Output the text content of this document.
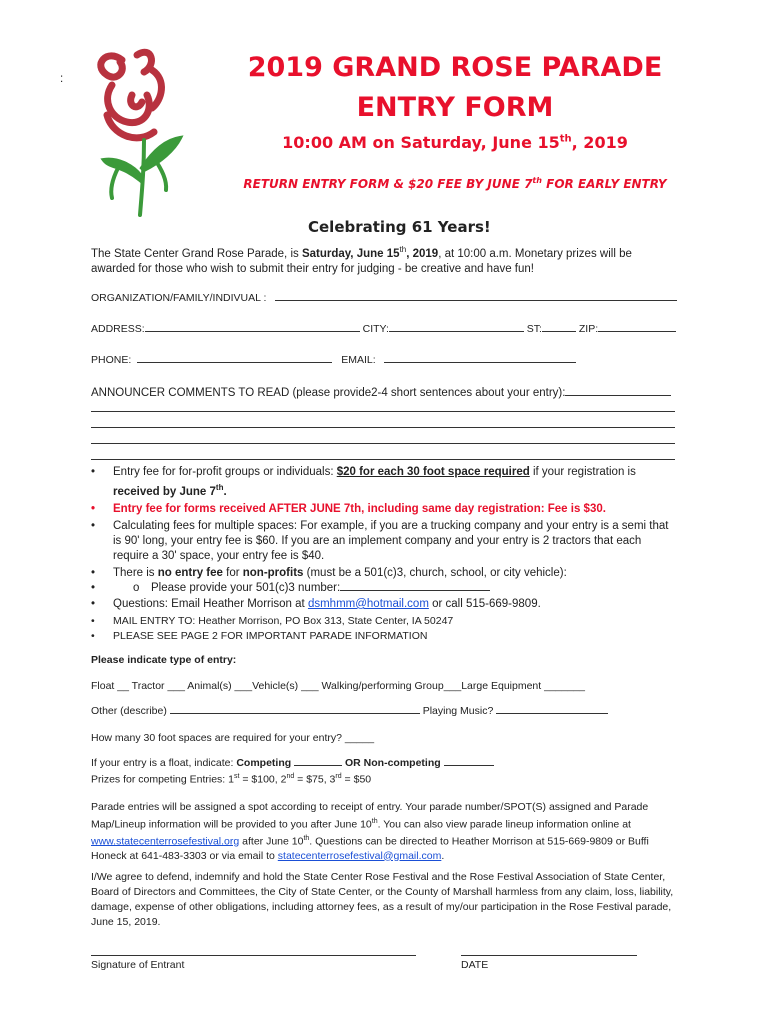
:	2019 GRAND ROSE PARADE
ENTRY FORM
10:00 AM on Saturday, June 15th, 2019
RETURN ENTRY FORM & $20 FEE BY JUNE 7th FOR EARLY ENTRY
Celebrating 61 Years!
The State Center Grand Rose Parade, is Saturday, June 15th, 2019, at 10:00 a.m. Monetary prizes will be awarded for those who wish to submit their entry for judging - be creative and have fun!
ORGANIZATION/FAMILY/INDIVUAL :
ADDRESS:	CITY:	ST:	ZIP:
PHONE:	EMAIL:
ANNOUNCER COMMENTS TO READ (please provide2-4 short sentences about your entry):
• Entry fee for for-profit groups or individuals: $20 for each 30 foot space required if your registration is received by June 7th.
• Entry fee for forms received AFTER JUNE 7th, including same day registration: Fee is $30.
• Calculating fees for multiple spaces: For example, if you are a trucking company and your entry is a semi that is 90' long, your entry fee is $60. If you are an implement company and your entry is 2 tractors that each require a 30' space, your entry fee is $40.
• There is no entry fee for non-profits (must be a 501(c)3, church, school, or city vehicle):
• o Please provide your 501(c)3 number:
• Questions: Email Heather Morrison at dsmhmm@hotmail.com or call 515-669-9809.
• MAIL ENTRY TO: Heather Morrison, PO Box 313, State Center, IA 50247
• PLEASE SEE PAGE 2 FOR IMPORTANT PARADE INFORMATION
Please indicate type of entry:
Float __ Tractor ___ Animal(s) ___Vehicle(s) ___ Walking/performing Group___Large Equipment _______
Other (describe)	Playing Music?
How many 30 foot spaces are required for your entry? _____
If your entry is a float, indicate: Competing	OR Non-competing
Prizes for competing Entries: 1st = $100, 2nd = $75, 3rd = $50
Parade entries will be assigned a spot according to receipt of entry. Your parade number/SPOT(S) assigned and Parade Map/Lineup information will be provided to you after June 10th. You can also view parade lineup information online at www.statecenterrosefestival.org after June 10th. Questions can be directed to Heather Morrison at 515-669-9809 or Buffi Honeck at 641-483-3303 or via email to statecenterrosefestival@gmail.com.
I/We agree to defend, indemnify and hold the State Center Rose Festival and the Rose Festival Association of State Center, Board of Directors and Committees, the City of State Center, or the County of Marshall harmless from any claim, loss, liability, damage, expense of other obligations, including attorney fees, as a result of my/our participation in the Rose Festival parade, June 15, 2019.
Signature of Entrant	DATE
